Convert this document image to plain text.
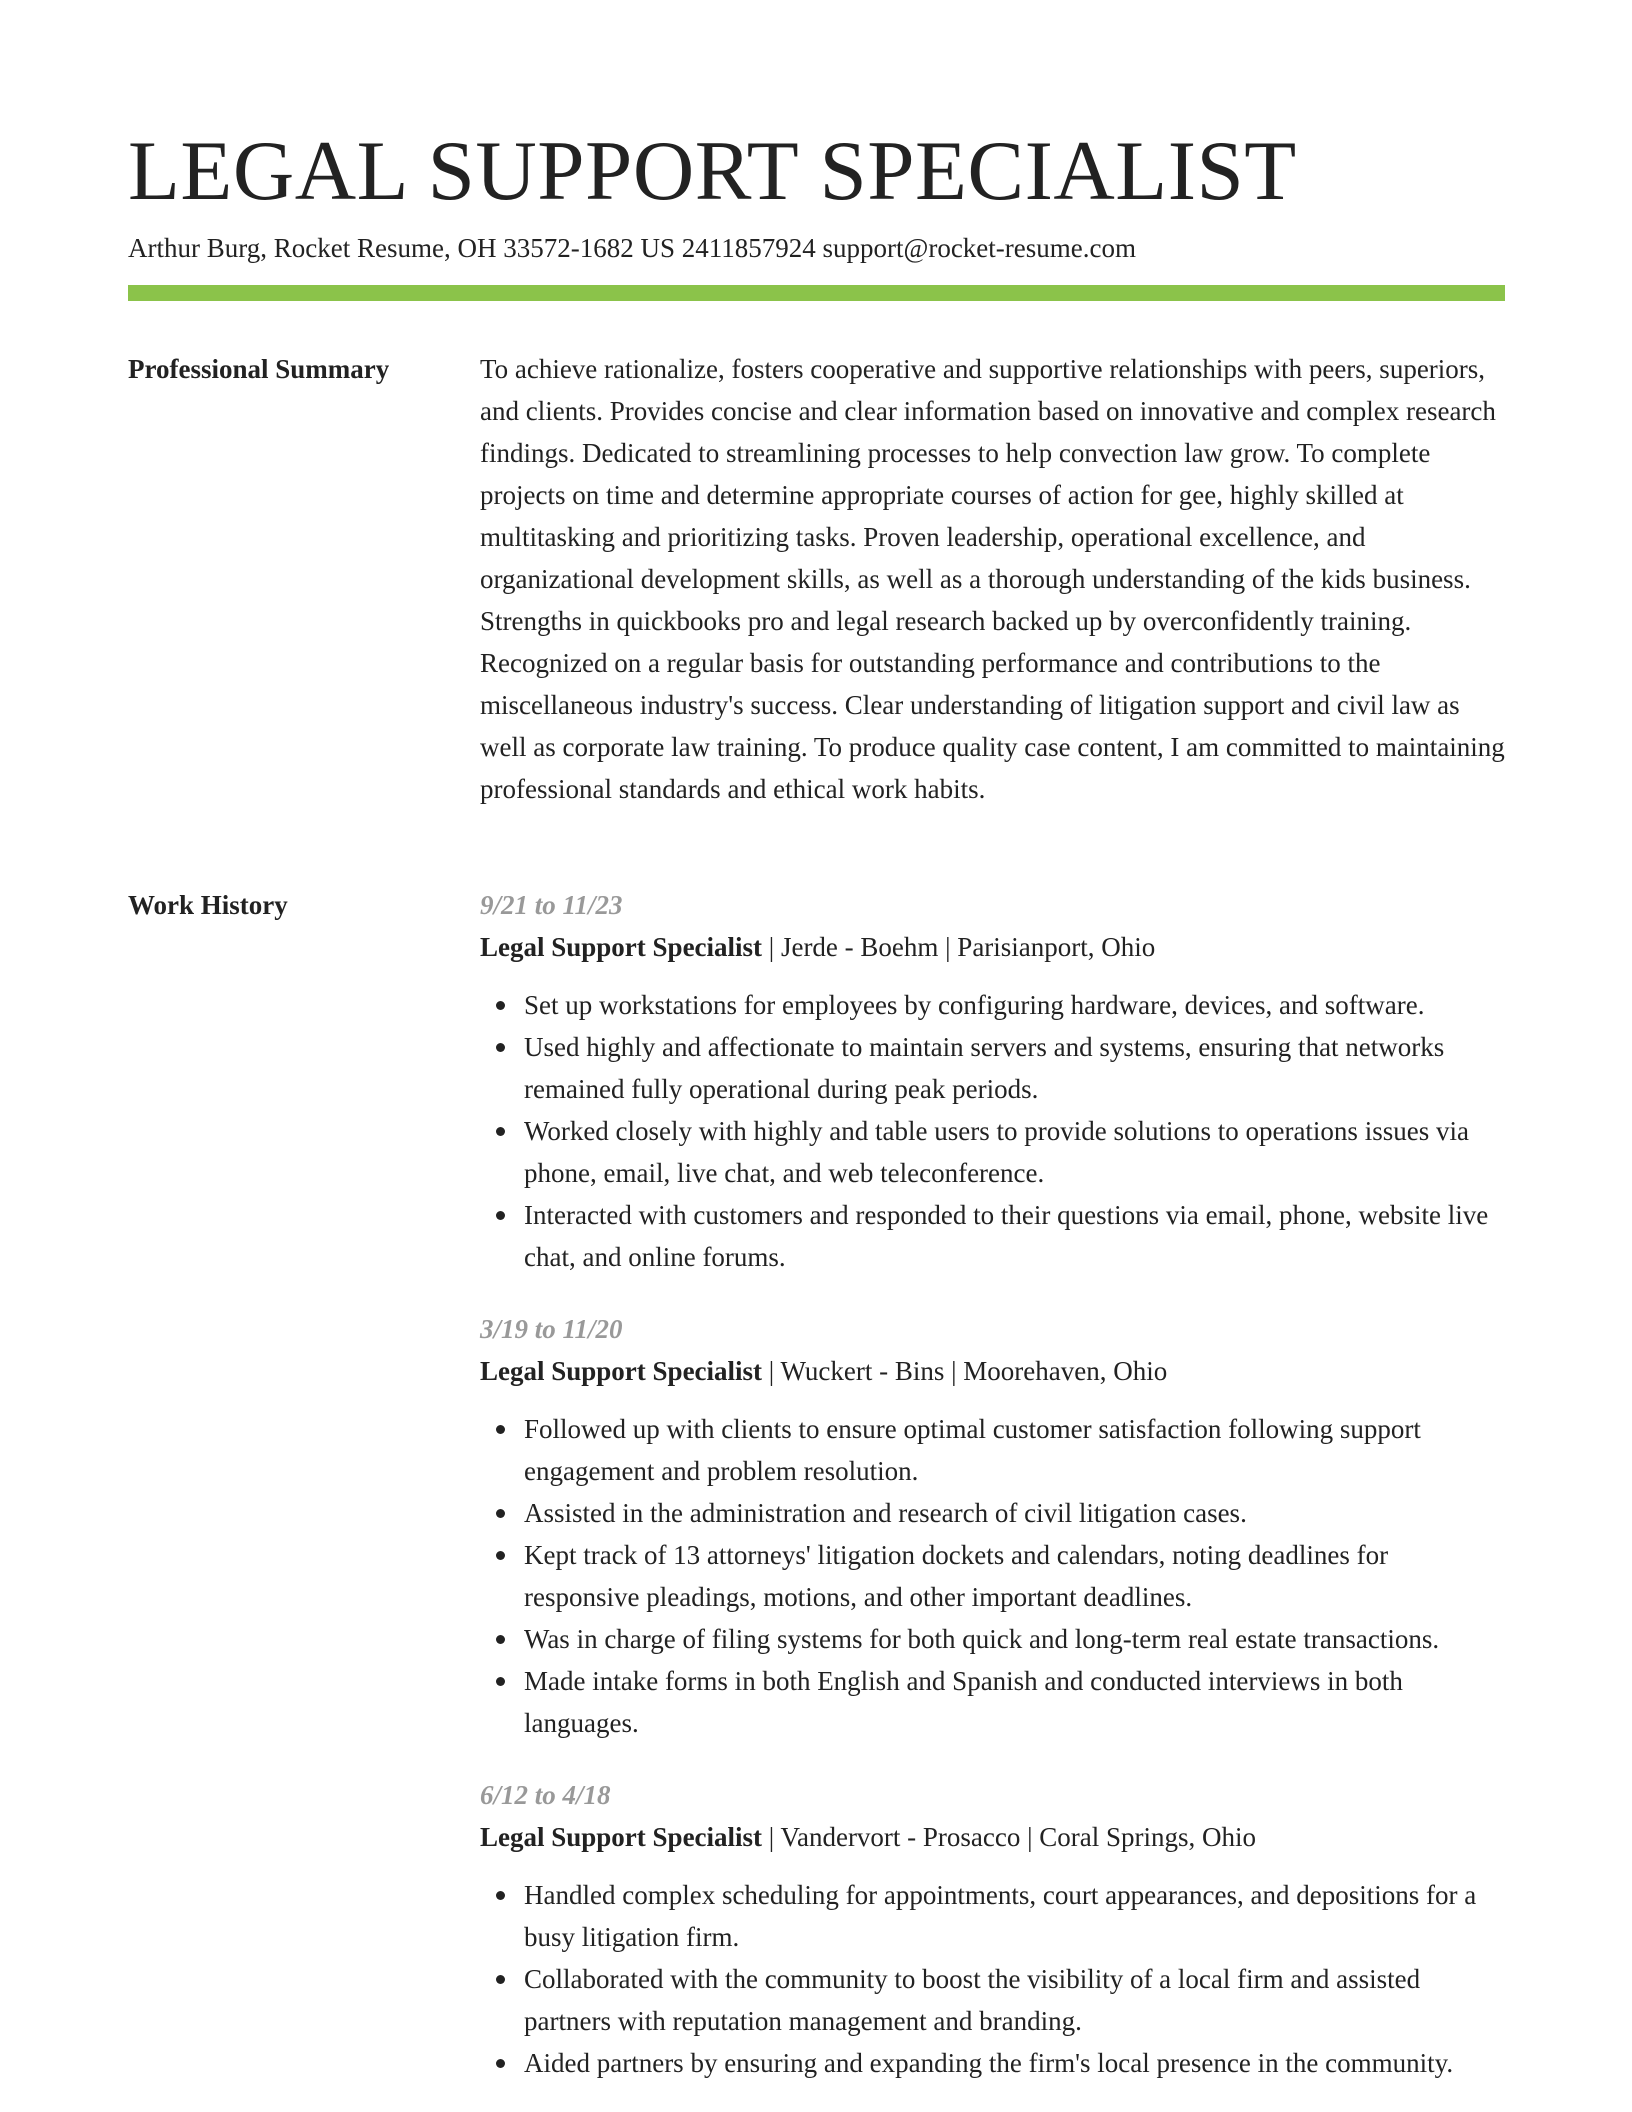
LEGAL SUPPORT SPECIALIST
Arthur Burg, Rocket Resume, OH 33572-1682 US 2411857924 support@rocket-resume.com
Professional Summary	To achieve rationalize, fosters cooperative and supportive relationships with peers, superiors, and clients. Provides concise and clear information based on innovative and complex research findings. Dedicated to streamlining processes to help convection law grow. To complete projects on time and determine appropriate courses of action for gee, highly skilled at multitasking and prioritizing tasks. Proven leadership, operational excellence, and organizational development skills, as well as a thorough understanding of the kids business. Strengths in quickbooks pro and legal research backed up by overconfidently training. Recognized on a regular basis for outstanding performance and contributions to the miscellaneous industry's success. Clear understanding of litigation support and civil law as well as corporate law training. To produce quality case content, I am committed to maintaining professional standards and ethical work habits.

Work History	9/21 to 11/23
Legal Support Specialist | Jerde - Boehm | Parisianport, Ohio
Set up workstations for employees by configuring hardware, devices, and software.
Used highly and affectionate to maintain servers and systems, ensuring that networks remained fully operational during peak periods.
Worked closely with highly and table users to provide solutions to operations issues via phone, email, live chat, and web teleconference.
Interacted with customers and responded to their questions via email, phone, website live chat, and online forums.
3/19 to 11/20
Legal Support Specialist | Wuckert - Bins | Moorehaven, Ohio
Followed up with clients to ensure optimal customer satisfaction following support engagement and problem resolution.
Assisted in the administration and research of civil litigation cases.
Kept track of 13 attorneys' litigation dockets and calendars, noting deadlines for responsive pleadings, motions, and other important deadlines.
Was in charge of filing systems for both quick and long-term real estate transactions.
Made intake forms in both English and Spanish and conducted interviews in both languages.
6/12 to 4/18
Legal Support Specialist | Vandervort - Prosacco | Coral Springs, Ohio
Handled complex scheduling for appointments, court appearances, and depositions for a busy litigation firm.
Collaborated with the community to boost the visibility of a local firm and assisted partners with reputation management and branding.
Aided partners by ensuring and expanding the firm's local presence in the community.
